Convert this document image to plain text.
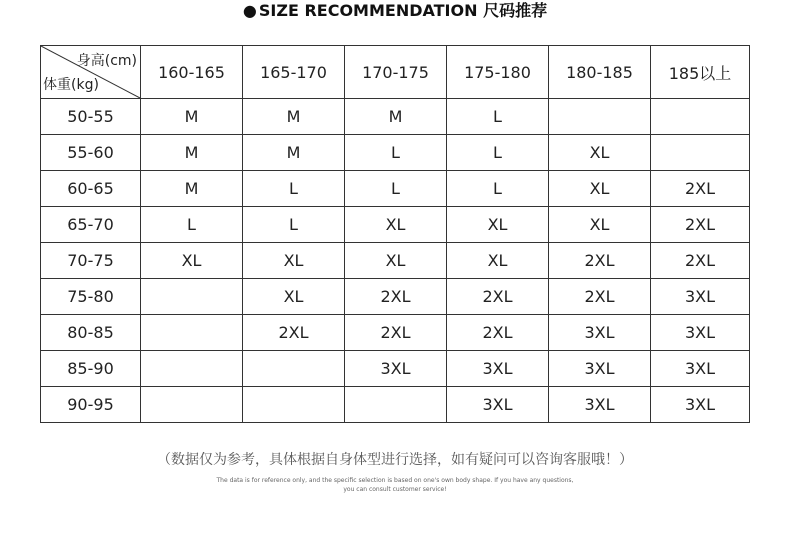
● SIZE RECOMMENDATION 尺码推荐
身高(cm)
体重(kg)	160-165	165-170	170-175	175-180	180-185	185以上
50-55	M	M	M	L		
55-60	M	M	L	L	XL	
60-65	M	L	L	L	XL	2XL
65-70	L	L	XL	XL	XL	2XL
70-75	XL	XL	XL	XL	2XL	2XL
75-80		XL	2XL	2XL	2XL	3XL
80-85		2XL	2XL	2XL	3XL	3XL
85-90			3XL	3XL	3XL	3XL
90-95				3XL	3XL	3XL
（数据仅为参考，具体根据自身体型进行选择，如有疑问可以咨询客服哦！）
The data is for reference only, and the specific selection is based on one's own body shape. If you have any questions,
you can consult customer service!
